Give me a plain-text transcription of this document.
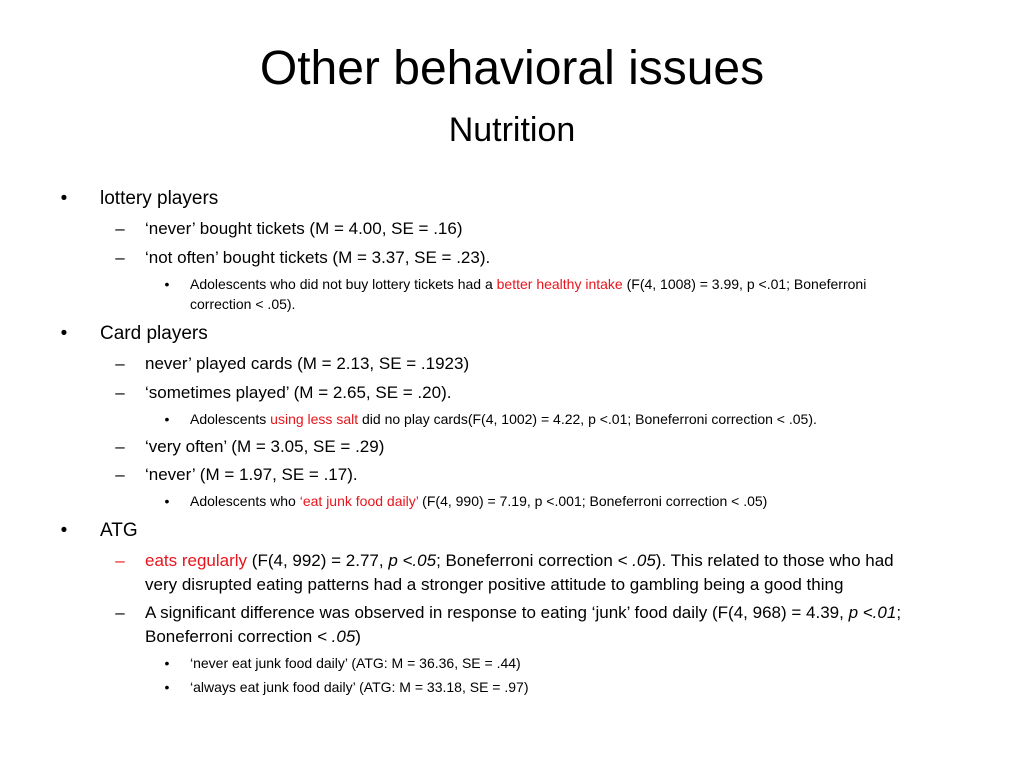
Other behavioral issues
Nutrition
•	lottery players
–	‘never’ bought tickets (M = 4.00, SE = .16)
–	‘not often’ bought tickets (M = 3.37, SE = .23).
•	Adolescents who did not buy lottery tickets had a better healthy intake (F(4, 1008) = 3.99, p <.01; Boneferroni
correction < .05).
•	Card players
–	never’ played cards (M = 2.13, SE = .1923)
–	‘sometimes played’ (M = 2.65, SE = .20).
•	Adolescents using less salt did no play cards(F(4, 1002) = 4.22, p <.01; Boneferroni correction < .05).
–	‘very often’ (M = 3.05, SE = .29)
–	‘never’ (M = 1.97, SE = .17).
•	Adolescents who ‘eat junk food daily’ (F(4, 990) = 7.19, p <.001; Boneferroni correction < .05)
•	ATG
–	eats regularly (F(4, 992) = 2.77, p <.05; Boneferroni correction < .05). This related to those who had
very disrupted eating patterns had a stronger positive attitude to gambling being a good thing
–	A significant difference was observed in response to eating ‘junk’ food daily (F(4, 968) = 4.39, p <.01;
Boneferroni correction < .05)
•	‘never eat junk food daily’ (ATG: M = 36.36, SE = .44)
•	‘always eat junk food daily’ (ATG: M = 33.18, SE = .97)
